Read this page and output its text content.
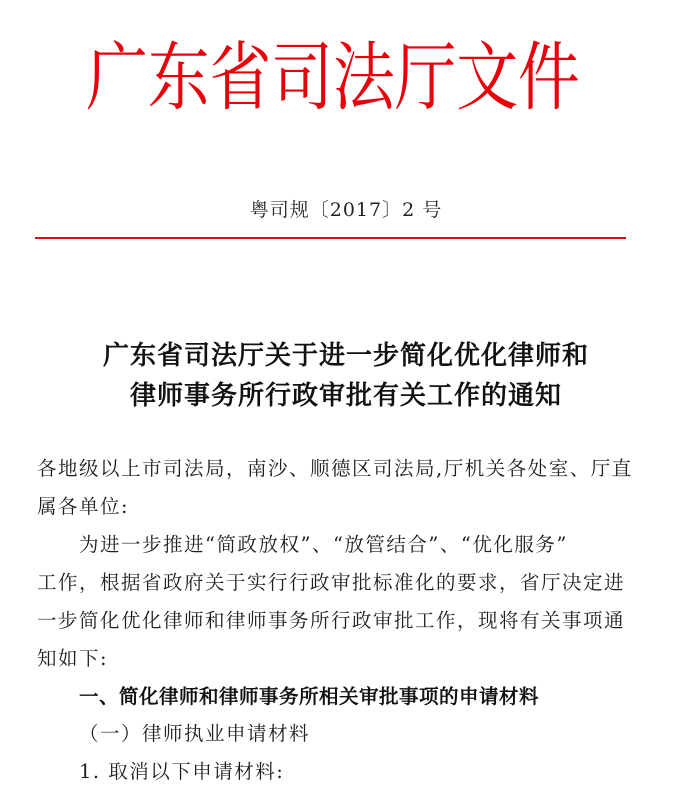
广 东 省 司 法 厅 文 件
粤司规〔2017〕2 号
广东省司法厅关于进一步简化优化律师和
律师事务所行政审批有关工作的通知
各地级以上市司法局，南沙、顺德区司法局,厅机关各处室、厅直
属各单位:
为进一步推进“简政放权”、“放管结合”、“优化服务”
工作，根据省政府关于实行行政审批标准化的要求，省厅决定进
一步简化优化律师和律师事务所行政审批工作，现将有关事项通
知如下:
一、简化律师和律师事务所相关审批事项的申请材料
（一）律师执业申请材料
1. 取消以下申请材料:
